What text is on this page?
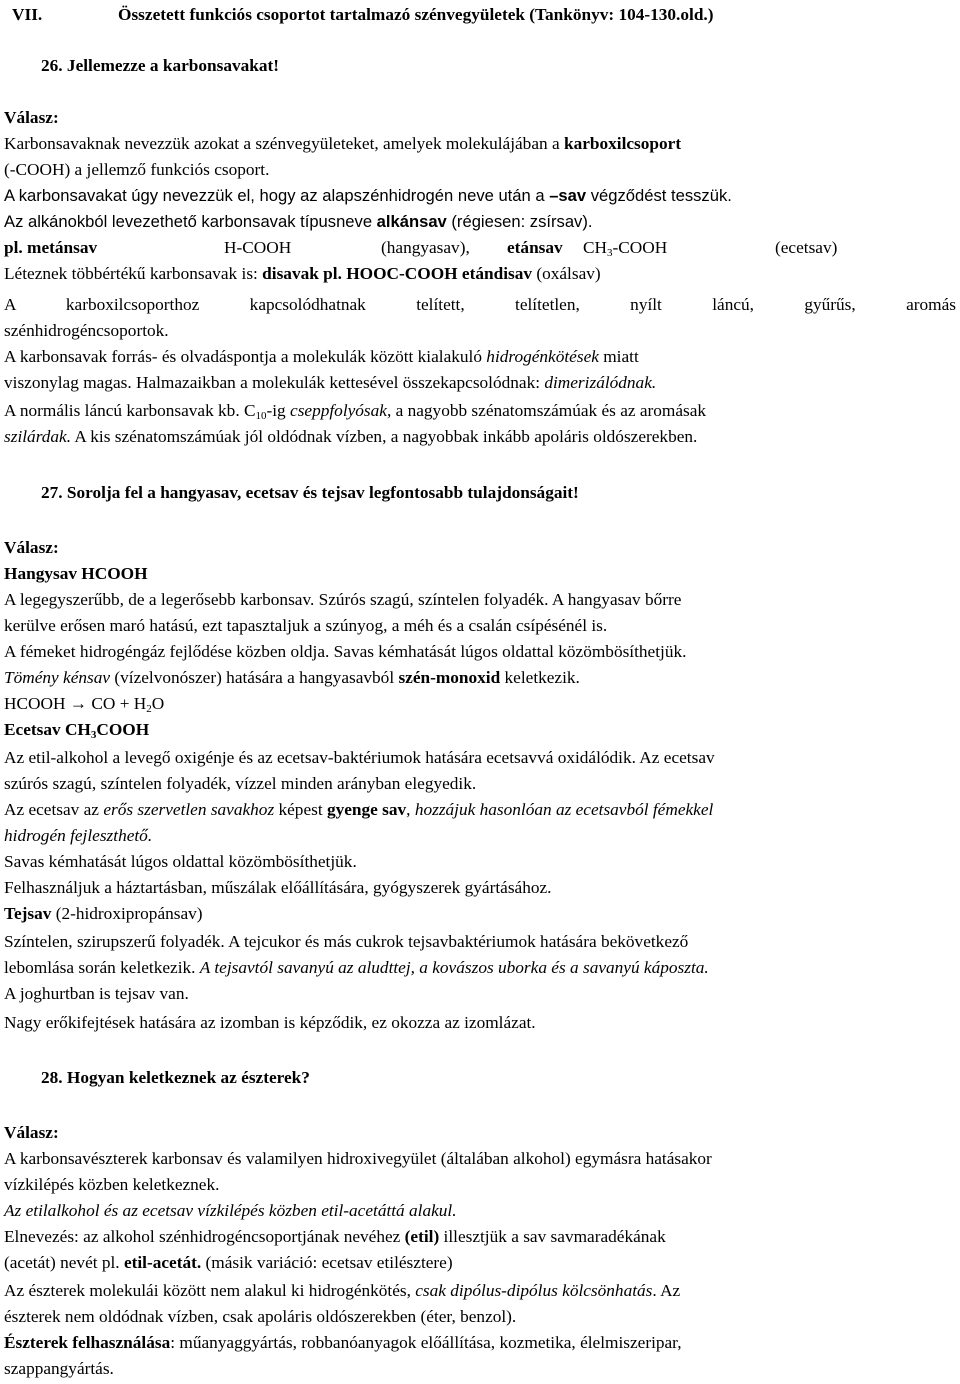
VII.	Összetett funkciós csoportot tartalmazó szénvegyületek (Tankönyv: 104-130.old.)
26. Jellemezze a karbonsavakat!
Válasz:
Karbonsavaknak nevezzük azokat a szénvegyületeket, amelyek molekulájában a karboxilcsoport
(-COOH) a jellemző funkciós csoport.
A karbonsavakat úgy nevezzük el, hogy az alapszénhidrogén neve után a –sav végződést tesszük.
Az alkánokból levezethető karbonsavak típusneve alkánsav (régiesen: zsírsav).
pl. metánsav	H-COOH	(hangyasav), etánsav $CH_3$-COOH	(ecetsav)
Léteznek többértékű karbonsavak is: disavak pl. HOOC-COOH etándisav (oxálsav)
A karboxilcsoporthoz kapcsolódhatnak telített, telítetlen, nyílt láncú, gyűrűs, aromás
szénhidrogéncsoportok.
A karbonsavak forrás- és olvadáspontja a molekulák között kialakuló hidrogénkötések miatt
viszonylag magas. Halmazaikban a molekulák kettesével összekapcsolódnak: dimerizálódnak.
A normális láncú karbonsavak kb. $C_{10}-ig$ cseppfolyósak, a nagyobb szénatomszámúak és az aromásak
szilárdak. A kis szénatomszámúak jól oldódnak vízben, a nagyobbak inkább apoláris oldószerekben.
27. Sorolja fel a hangyasav, ecetsav és tejsav legfontosabb tulajdonságait!
Válasz:
Hangysav HCOOH
A legegyszerűbb, de a legerősebb karbonsav. Szúrós szagú, színtelen folyadék. A hangyasav bőrre
kerülve erősen maró hatású, ezt tapasztaljuk a szúnyog, a méh és a csalán csípésénél is.
A fémeket hidrogéngáz fejlődése közben oldja. Savas kémhatását lúgos oldattal közömbösíthetjük.
Tömény kénsav (vízelvonószer) hatására a hangyasavból szén-monoxid keletkezik.
HCOOH → CO + $H_2O$
Ecetsav $CH_3COOH$
Az etil-alkohol a levegő oxigénje és az ecetsav-baktériumok hatására ecetsavvá oxidálódik. Az ecetsav
szúrós szagú, színtelen folyadék, vízzel minden arányban elegyedik.
Az ecetsav az erős szervetlen savakhoz képest gyenge sav, hozzájuk hasonlóan az ecetsavból fémekkel
hidrogén fejleszthető.
Savas kémhatását lúgos oldattal közömbösíthetjük.
Felhasználjuk a háztartásban, műszálak előállítására, gyógyszerek gyártásához.
Tejsav (2-hidroxipropánsav)
Színtelen, szirupszerű folyadék. A tejcukor és más cukrok tejsavbaktériumok hatására bekövetkező
lebomlása során keletkezik. A tejsavtól savanyú az aludttej, a kovászos uborka és a savanyú káposzta.
A joghurtban is tejsav van.
Nagy erőkifejtések hatására az izomban is képződik, ez okozza az izomlázat.
28. Hogyan keletkeznek az észterek?
Válasz:
A karbonsavészterek karbonsav és valamilyen hidroxivegyület (általában alkohol) egymásra hatásakor
vízkilépés közben keletkeznek.
Az etilalkohol és az ecetsav vízkilépés közben etil-acetáttá alakul.
Elnevezés: az alkohol szénhidrogéncsoportjának nevéhez (etil) illesztjük a sav savmaradékának
(acetát) nevét pl. etil-acetát. (másik variáció: ecetsav etilésztere)
Az észterek molekulái között nem alakul ki hidrogénkötés, csak dipólus-dipólus kölcsönhatás. Az
észterek nem oldódnak vízben, csak apoláris oldószerekben (éter, benzol).
Észterek felhasználása: műanyaggyártás, robbanóanyagok előállítása, kozmetika, élelmiszeripar,
szappangyártás.
